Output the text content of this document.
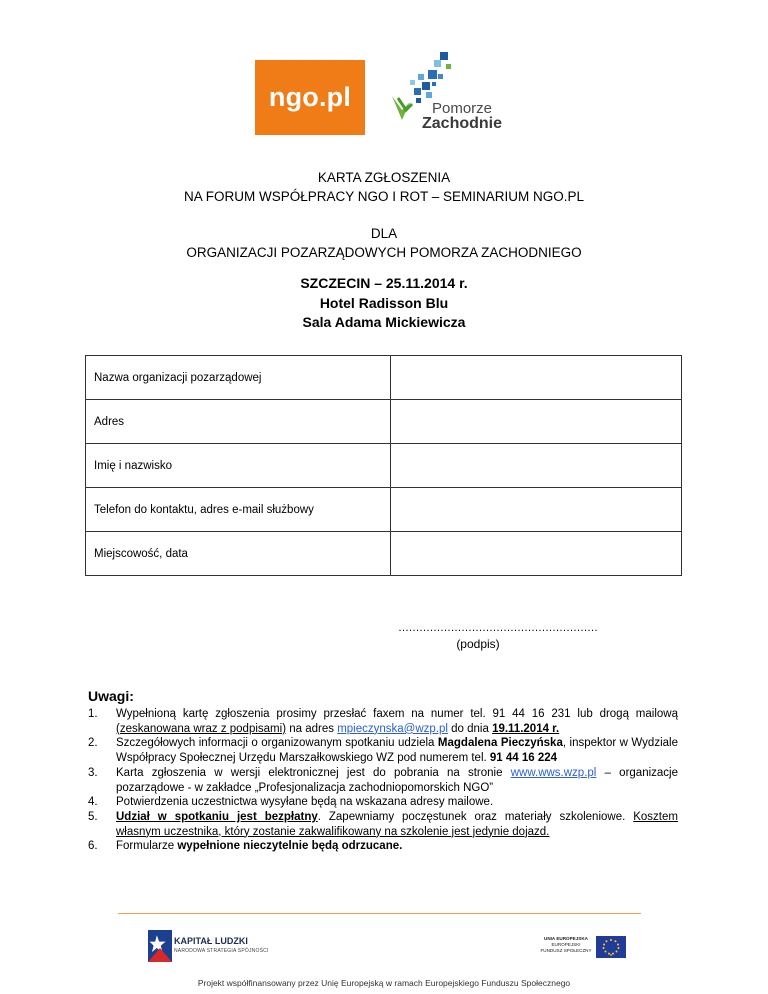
ngo.pl	Pomorze
Zachodnie
KARTA ZGŁOSZENIA
NA FORUM WSPÓŁPRACY NGO I ROT – SEMINARIUM NGO.PL
DLA
ORGANIZACJI POZARZĄDOWYCH POMORZA ZACHODNIEGO
SZCZECIN – 25.11.2014 r.
Hotel Radisson Blu
Sala Adama Mickiewicza
Nazwa organizacji pozarządowej	
Adres	
Imię i nazwisko	
Telefon do kontaktu, adres e-mail służbowy	
Miejscowość, data	
…………………………………………………
(podpis)
Uwagi:
1. Wypełnioną kartę zgłoszenia prosimy przesłać faxem na numer tel. 91 44 16 231 lub drogą mailową (zeskanowana wraz z podpisami) na adres mpieczynska@wzp.pl do dnia 19.11.2014 r.
2. Szczegółowych informacji o organizowanym spotkaniu udziela Magdalena Pieczyńska, inspektor w Wydziale Współpracy Społecznej Urzędu Marszałkowskiego WZ pod numerem tel. 91 44 16 224
3. Karta zgłoszenia w wersji elektronicznej jest do pobrania na stronie www.wws.wzp.pl – organizacje pozarządowe - w zakładce „Profesjonalizacja zachodniopomorskich NGO”
4. Potwierdzenia uczestnictwa wysyłane będą na wskazana adresy mailowe.
5. Udział w spotkaniu jest bezpłatny. Zapewniamy poczęstunek oraz materiały szkoleniowe. Kosztem własnym uczestnika, który zostanie zakwalifikowany na szkolenie jest jedynie dojazd.
6. Formularze wypełnione nieczytelnie będą odrzucane.
KAPITAŁ LUDZKI
NARODOWA STRATEGIA SPÓJNOŚCI
UNIA EUROPEJSKA
EUROPEJSKI
FUNDUSZ SPOŁECZNY
Projekt współfinansowany przez Unię Europejską w ramach Europejskiego Funduszu Społecznego
